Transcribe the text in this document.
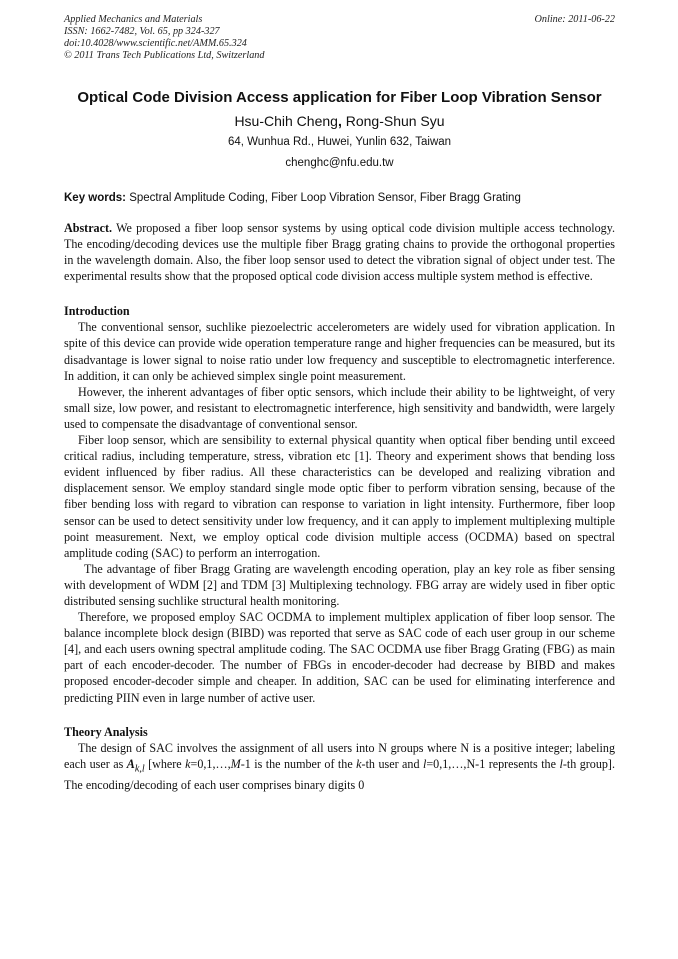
Applied Mechanics and Materials
ISSN: 1662-7482, Vol. 65, pp 324-327
doi:10.4028/www.scientific.net/AMM.65.324
© 2011 Trans Tech Publications Ltd, Switzerland
Online: 2011-06-22
Optical Code Division Access application for Fiber Loop Vibration Sensor
Hsu-Chih Cheng, Rong-Shun Syu
64, Wunhua Rd., Huwei, Yunlin 632, Taiwan
chenghc@nfu.edu.tw
Key words: Spectral Amplitude Coding, Fiber Loop Vibration Sensor, Fiber Bragg Grating
Abstract. We proposed a fiber loop sensor systems by using optical code division multiple access technology. The encoding/decoding devices use the multiple fiber Bragg grating chains to provide the orthogonal properties in the wavelength domain. Also, the fiber loop sensor used to detect the vibration signal of object under test. The experimental results show that the proposed optical code division access multiple system method is effective.
Introduction
The conventional sensor, suchlike piezoelectric accelerometers are widely used for vibration application. In spite of this device can provide wide operation temperature range and higher frequencies can be measured, but its disadvantage is lower signal to noise ratio under low frequency and susceptible to electromagnetic interference. In addition, it can only be achieved simplex single point measurement.
However, the inherent advantages of fiber optic sensors, which include their ability to be lightweight, of very small size, low power, and resistant to electromagnetic interference, high sensitivity and bandwidth, were largely used to compensate the disadvantage of conventional sensor.
Fiber loop sensor, which are sensibility to external physical quantity when optical fiber bending until exceed critical radius, including temperature, stress, vibration etc [1]. Theory and experiment shows that bending loss evident influenced by fiber radius. All these characteristics can be developed and realizing vibration and displacement sensor. We employ standard single mode optic fiber to perform vibration sensing, because of the fiber bending loss with regard to vibration can response to variation in light intensity. Furthermore, fiber loop sensor can be used to detect sensitivity under low frequency, and it can apply to implement multiplexing multiple point measurement. Next, we employ optical code division multiple access (OCDMA) based on spectral amplitude coding (SAC) to perform an interrogation.
The advantage of fiber Bragg Grating are wavelength encoding operation, play an key role as fiber sensing with development of WDM [2] and TDM [3] Multiplexing technology. FBG array are widely used in fiber optic distributed sensing suchlike structural health monitoring.
Therefore, we proposed employ SAC OCDMA to implement multiplex application of fiber loop sensor. The balance incomplete block design (BIBD) was reported that serve as SAC code of each user group in our scheme [4], and each users owning spectral amplitude coding. The SAC OCDMA use fiber Bragg Grating (FBG) as main part of each encoder-decoder. The number of FBGs in encoder-decoder had decrease by BIBD and makes proposed encoder-decoder simple and cheaper. In addition, SAC can be used for eliminating interference and predicting PIIN even in large number of active user.
Theory Analysis
The design of SAC involves the assignment of all users into N groups where N is a positive integer; labeling each user as $A_{k,l}$ [where k=0,1,…,M-1 is the number of the k-th user and l=0,1,…,N-1 represents the l-th group]. The encoding/decoding of each user comprises binary digits 0
